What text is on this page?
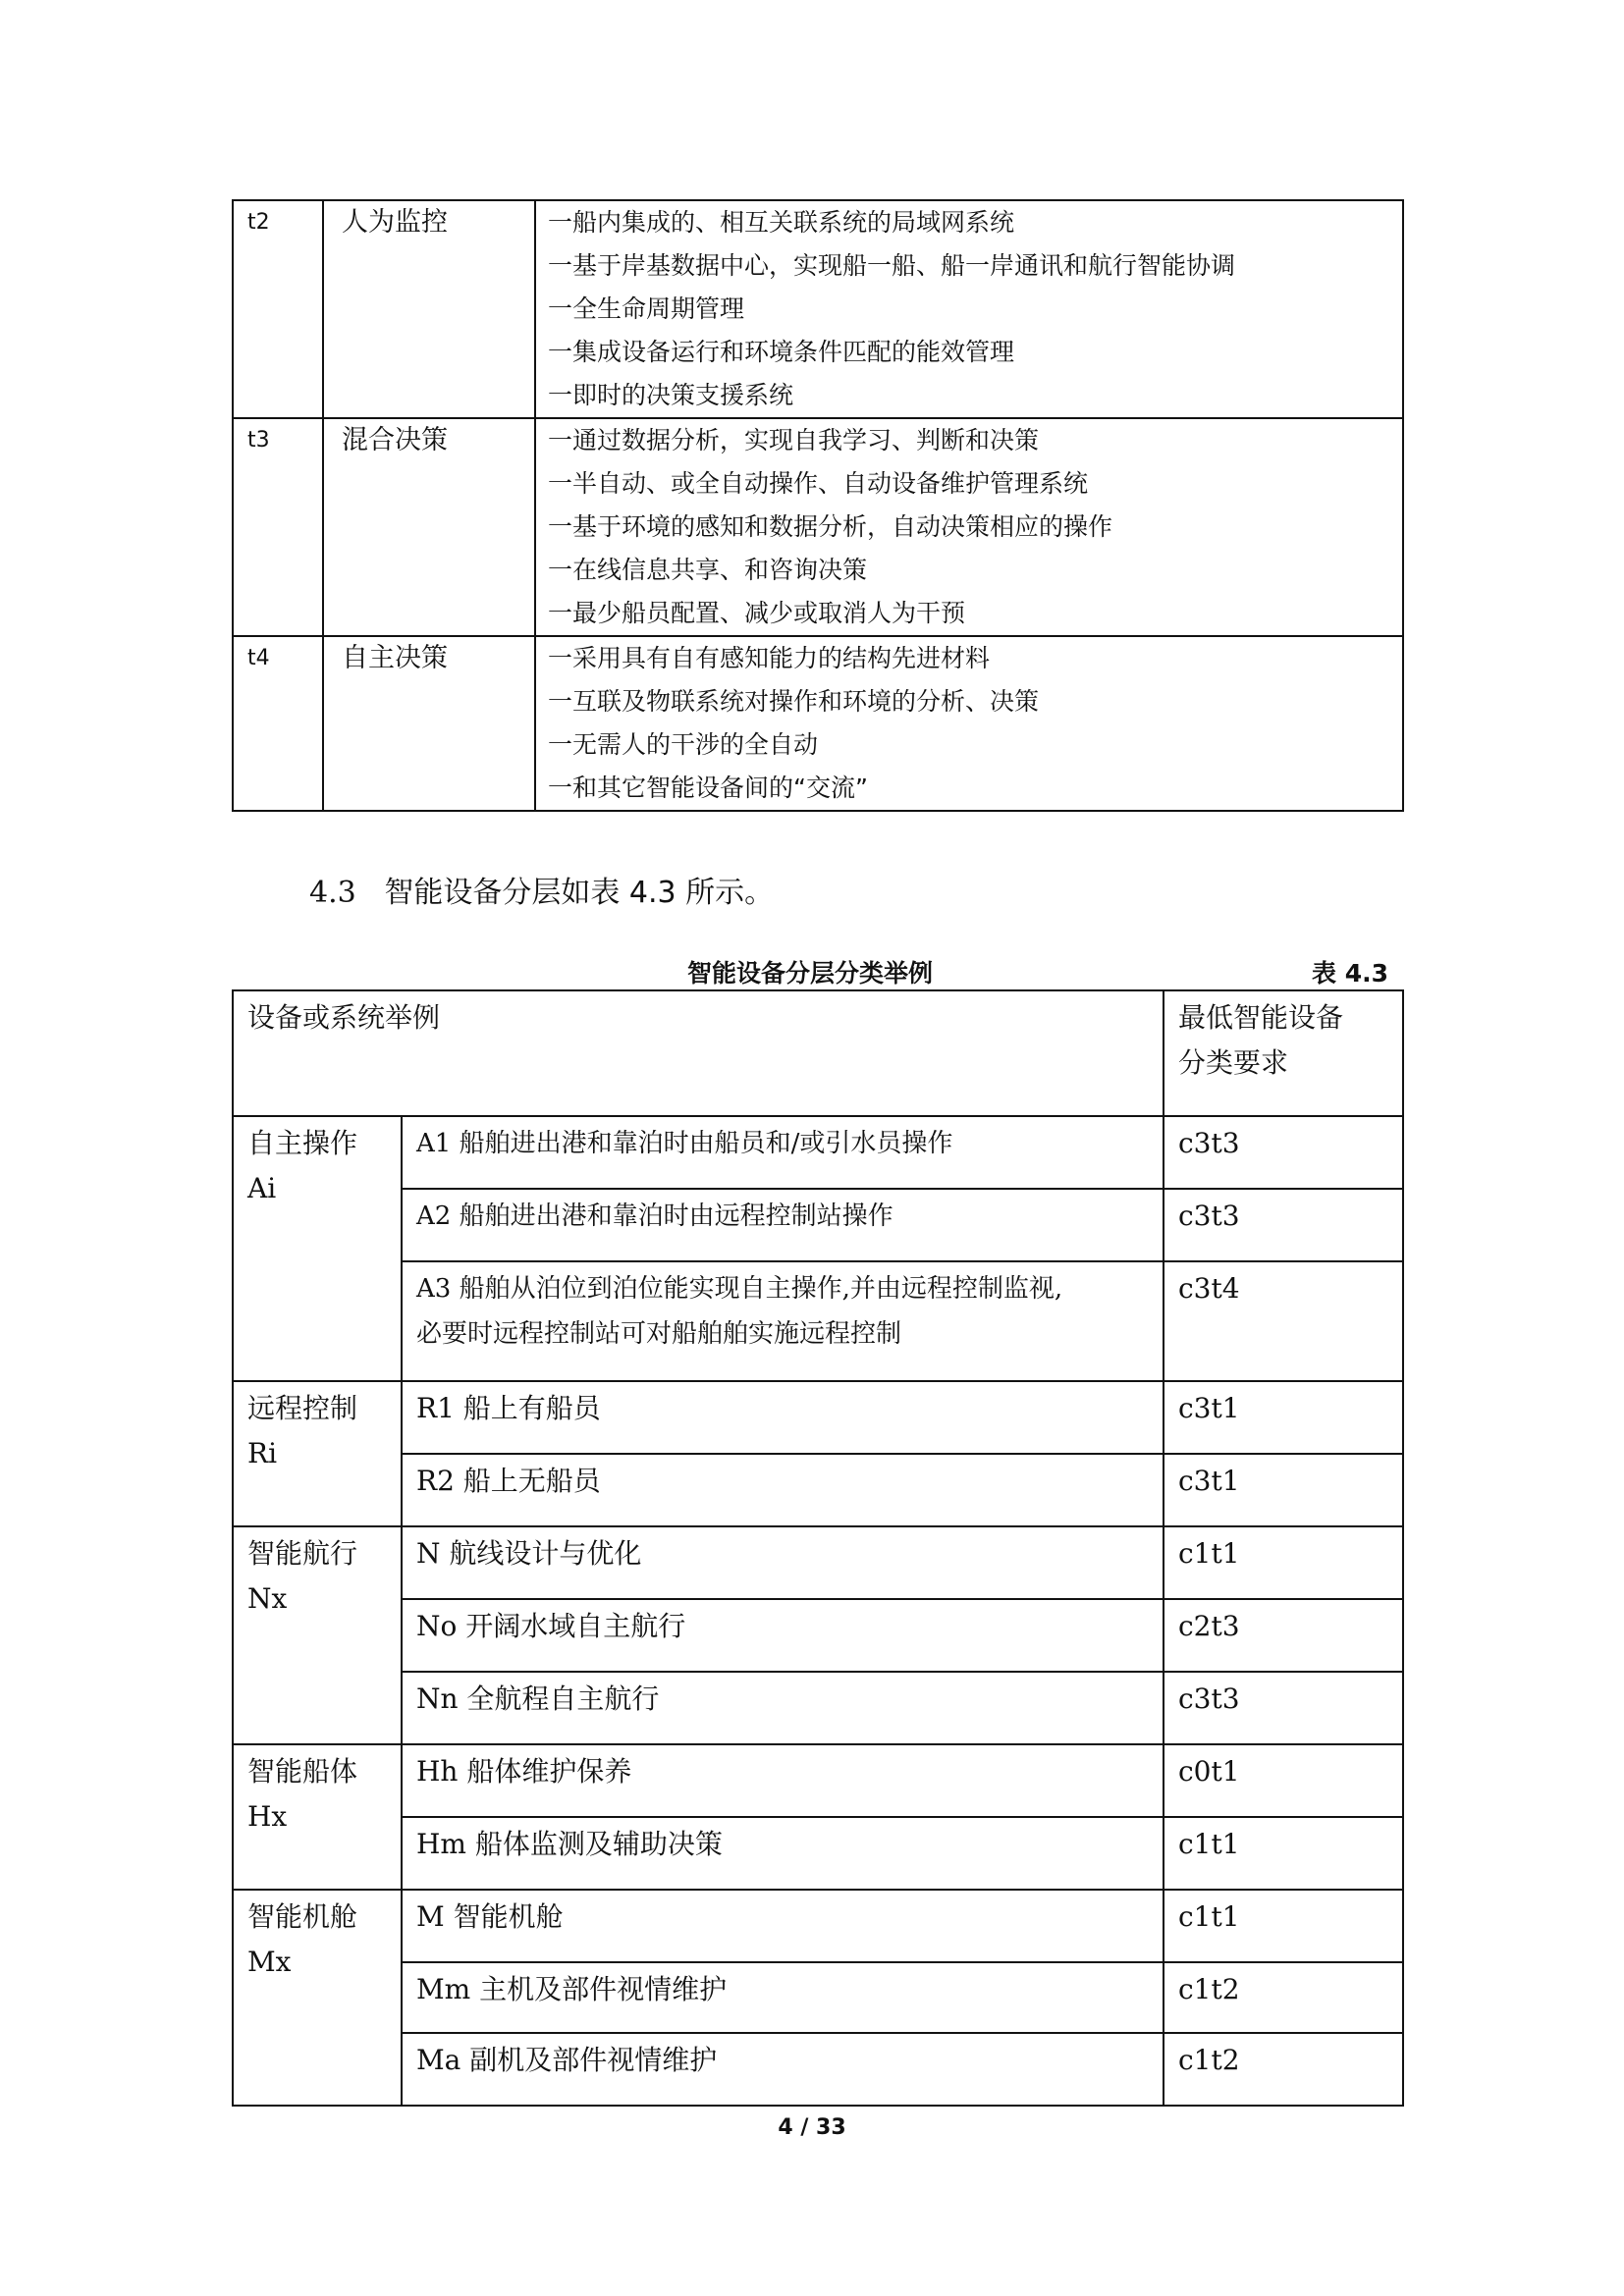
t2	人为监控	一船内集成的、相互关联系统的局域网系统
一基于岸基数据中心，实现船一船、船一岸通讯和航行智能协调
一全生命周期管理
一集成设备运行和环境条件匹配的能效管理
一即时的决策支援系统

t3	混合决策	一通过数据分析，实现自我学习、判断和决策
一半自动、或全自动操作、自动设备维护管理系统
一基于环境的感知和数据分析，自动决策相应的操作
一在线信息共享、和咨询决策
一最少船员配置、减少或取消人为干预

t4	自主决策	一采用具有自有感知能力的结构先进材料
一互联及物联系统对操作和环境的分析、决策
一无需人的干涉的全自动
一和其它智能设备间的“交流”
4.3 智能设备分层如表 4.3 所示。
智能设备分层分类举例	表 4.3
设备或系统举例		最低智能设备
分类要求

自主操作
Ai	A1 船舶进出港和靠泊时由船员和/或引水员操作	c3t3
	A2 船舶进出港和靠泊时由远程控制站操作	c3t3

	A3 船舶从泊位到泊位能实现自主操作,并由远程控制监视,
必要时远程控制站可对船舶舶实施远程控制	c3t4

远程控制
Ri	R1 船上有船员	c3t1
	R2 船上无船员	c3t1

智能航行
Nx	N 航线设计与优化	c1t1
	No 开阔水域自主航行	c2t3
	Nn 全航程自主航行	c3t3

智能船体
Hx	Hh 船体维护保养	c0t1
	Hm 船体监测及辅助决策	c1t1

智能机舱
Mx	M 智能机舱	c1t1
	Mm 主机及部件视情维护	c1t2
	Ma 副机及部件视情维护	c1t2
4 / 33
